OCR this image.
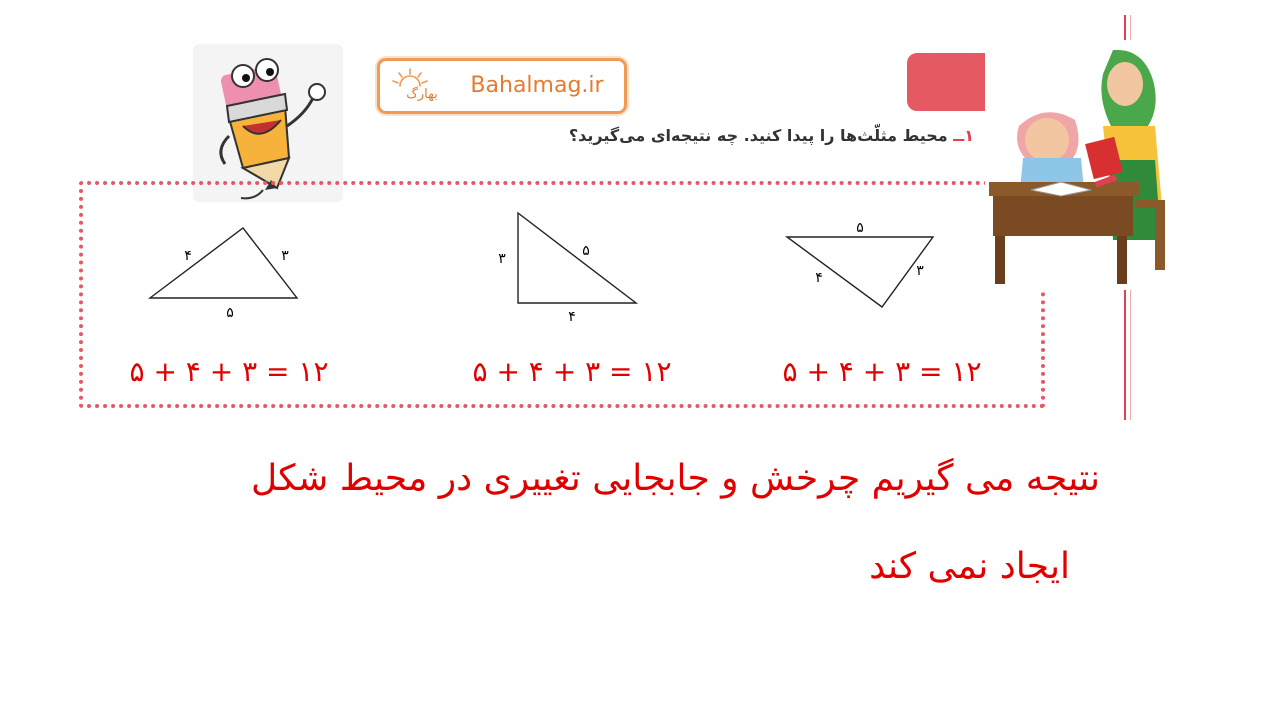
بهارگ	Bahalmag.ir
۱ــ محیط مثلّث‌ها را پیدا کنید. چه نتیجه‌ای می‌گیرید؟
۴	۳
۵
۳	۵
۴
۵
۴	۳
۵ + ۴ + ۳ = ۱۲	۵ + ۴ + ۳ = ۱۲	۵ + ۴ + ۳ = ۱۲
نتیجه می گیریم چرخش و جابجایی تغییری در محیط شکل
ایجاد نمی کند
